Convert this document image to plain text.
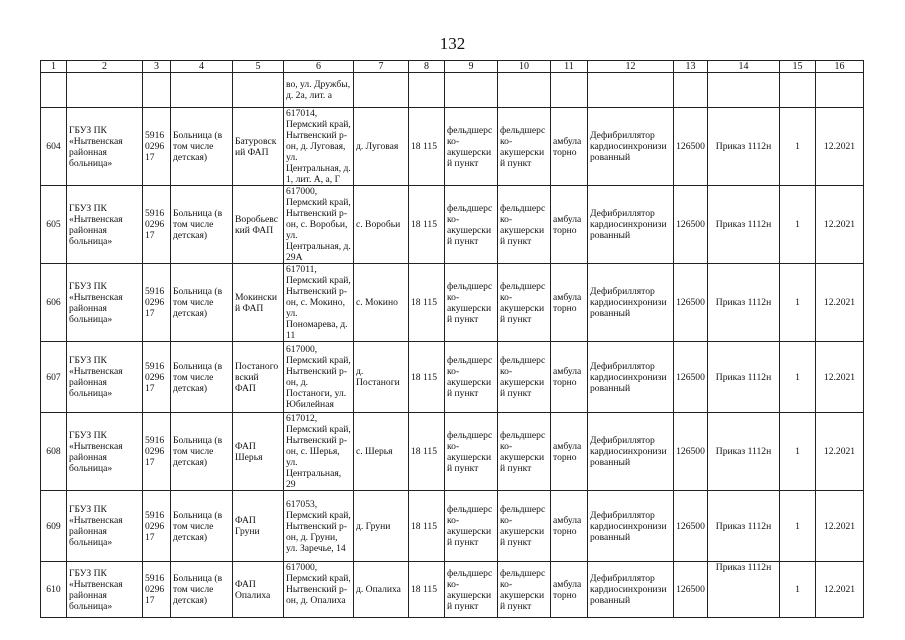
132
1	2	3	4	5	6	7	8	9	10	11	12	13	14	15	16
					во, ул. Дружбы, д. 2а, лит. а										
604	ГБУЗ ПК «Нытвенская районная больница»	5916029617	Больница (в том числе детская)	Батуровский ФАП	617014, Пермский край, Нытвенский р-он, д. Луговая, ул. Центральная, д. 1, лит. А, а, Г	д. Луговая	18 115	фельдшерско-акушерский пункт	фельдшерско-акушерский пункт	амбулаторно	Дефибриллятор кардиосинхронизированный	126500	Приказ 1112н	1	12.2021
605	ГБУЗ ПК «Нытвенская районная больница»	5916029617	Больница (в том числе детская)	Воробьевский ФАП	617000, Пермский край, Нытвенский р-он, с. Воробьи, ул. Центральная, д. 29А	с. Воробьи	18 115	фельдшерско-акушерский пункт	фельдшерско-акушерский пункт	амбулаторно	Дефибриллятор кардиосинхронизированный	126500	Приказ 1112н	1	12.2021
606	ГБУЗ ПК «Нытвенская районная больница»	5916029617	Больница (в том числе детская)	Мокинский ФАП	617011, Пермский край, Нытвенский р-он, с. Мокино, ул. Пономарева, д. 11	с. Мокино	18 115	фельдшерско-акушерский пункт	фельдшерско-акушерский пункт	амбулаторно	Дефибриллятор кардиосинхронизированный	126500	Приказ 1112н	1	12.2021
607	ГБУЗ ПК «Нытвенская районная больница»	5916029617	Больница (в том числе детская)	Постаноговский ФАП	617000, Пермский край, Нытвенский р-он, д. Постаноги, ул. Юбилейная	д. Постаноги	18 115	фельдшерско-акушерский пункт	фельдшерско-акушерский пункт	амбулаторно	Дефибриллятор кардиосинхронизированный	126500	Приказ 1112н	1	12.2021
608	ГБУЗ ПК «Нытвенская районная больница»	5916029617	Больница (в том числе детская)	ФАП Шерья	617012, Пермский край, Нытвенский р-он, с. Шерья, ул. Центральная, 29	с. Шерья	18 115	фельдшерско-акушерский пункт	фельдшерско-акушерский пункт	амбулаторно	Дефибриллятор кардиосинхронизированный	126500	Приказ 1112н	1	12.2021
609	ГБУЗ ПК «Нытвенская районная больница»	5916029617	Больница (в том числе детская)	ФАП Груни	617053, Пермский край, Нытвенский р-он, д. Груни, ул. Заречье, 14	д. Груни	18 115	фельдшерско-акушерский пункт	фельдшерско-акушерский пункт	амбулаторно	Дефибриллятор кардиосинхронизированный	126500	Приказ 1112н	1	12.2021
610	ГБУЗ ПК «Нытвенская районная больница»	5916029617	Больница (в том числе детская)	ФАП Опалиха	617000, Пермский край, Нытвенский р-он, д. Опалиха	д. Опалиха	18 115	фельдшерско-акушерский пункт	фельдшерско-акушерский пункт	амбулаторно	Дефибриллятор кардиосинхронизированный	126500	Приказ 1112н	1	12.2021
